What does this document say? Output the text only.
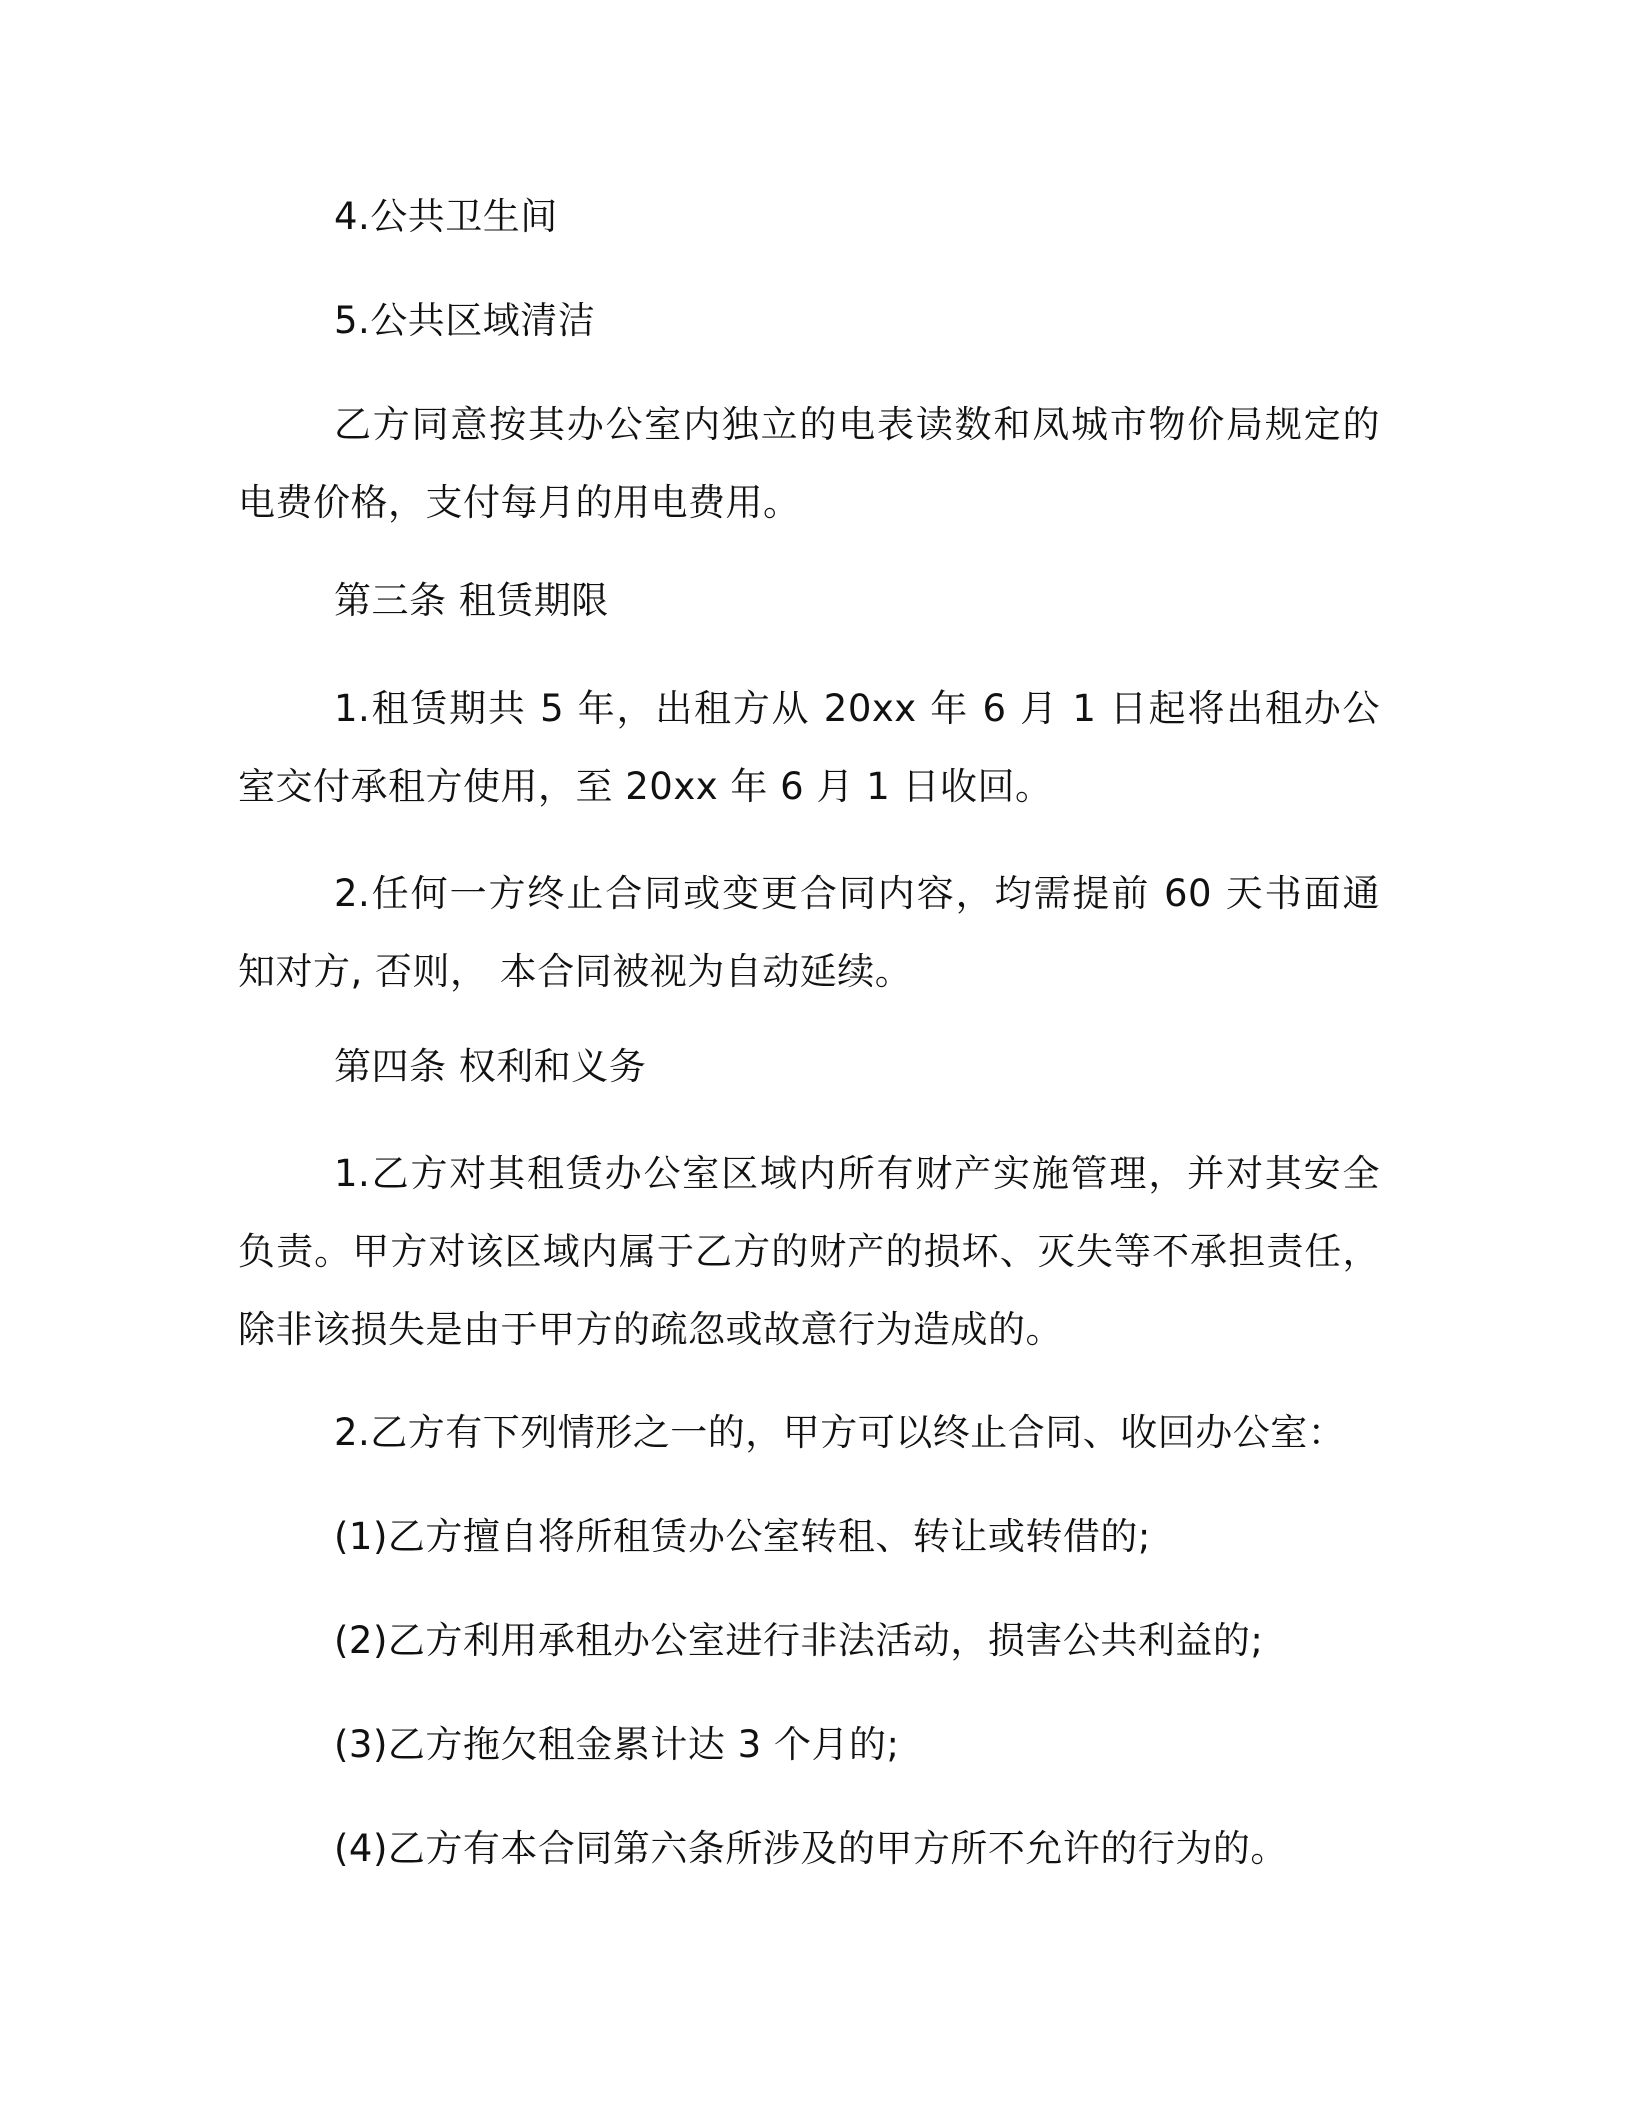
4.公共卫生间

5.公共区域清洁

乙方同意按其办公室内独立的电表读数和凤城市物价局规定的电费价格，支付每月的用电费用。

第三条 租赁期限

1.租赁期共 5 年，出租方从 20xx 年 6 月 1 日起将出租办公室交付承租方使用，至 20xx 年 6 月 1 日收回。

2.任何一方终止合同或变更合同内容，均需提前 60 天书面通知对方, 否则， 本合同被视为自动延续。

第四条 权利和义务

1.乙方对其租赁办公室区域内所有财产实施管理，并对其安全负责。甲方对该区域内属于乙方的财产的损坏、灭失等不承担责任，除非该损失是由于甲方的疏忽或故意行为造成的。

2.乙方有下列情形之一的，甲方可以终止合同、收回办公室：

(1)乙方擅自将所租赁办公室转租、转让或转借的;

(2)乙方利用承租办公室进行非法活动，损害公共利益的;

(3)乙方拖欠租金累计达 3 个月的;

(4)乙方有本合同第六条所涉及的甲方所不允许的行为的。
